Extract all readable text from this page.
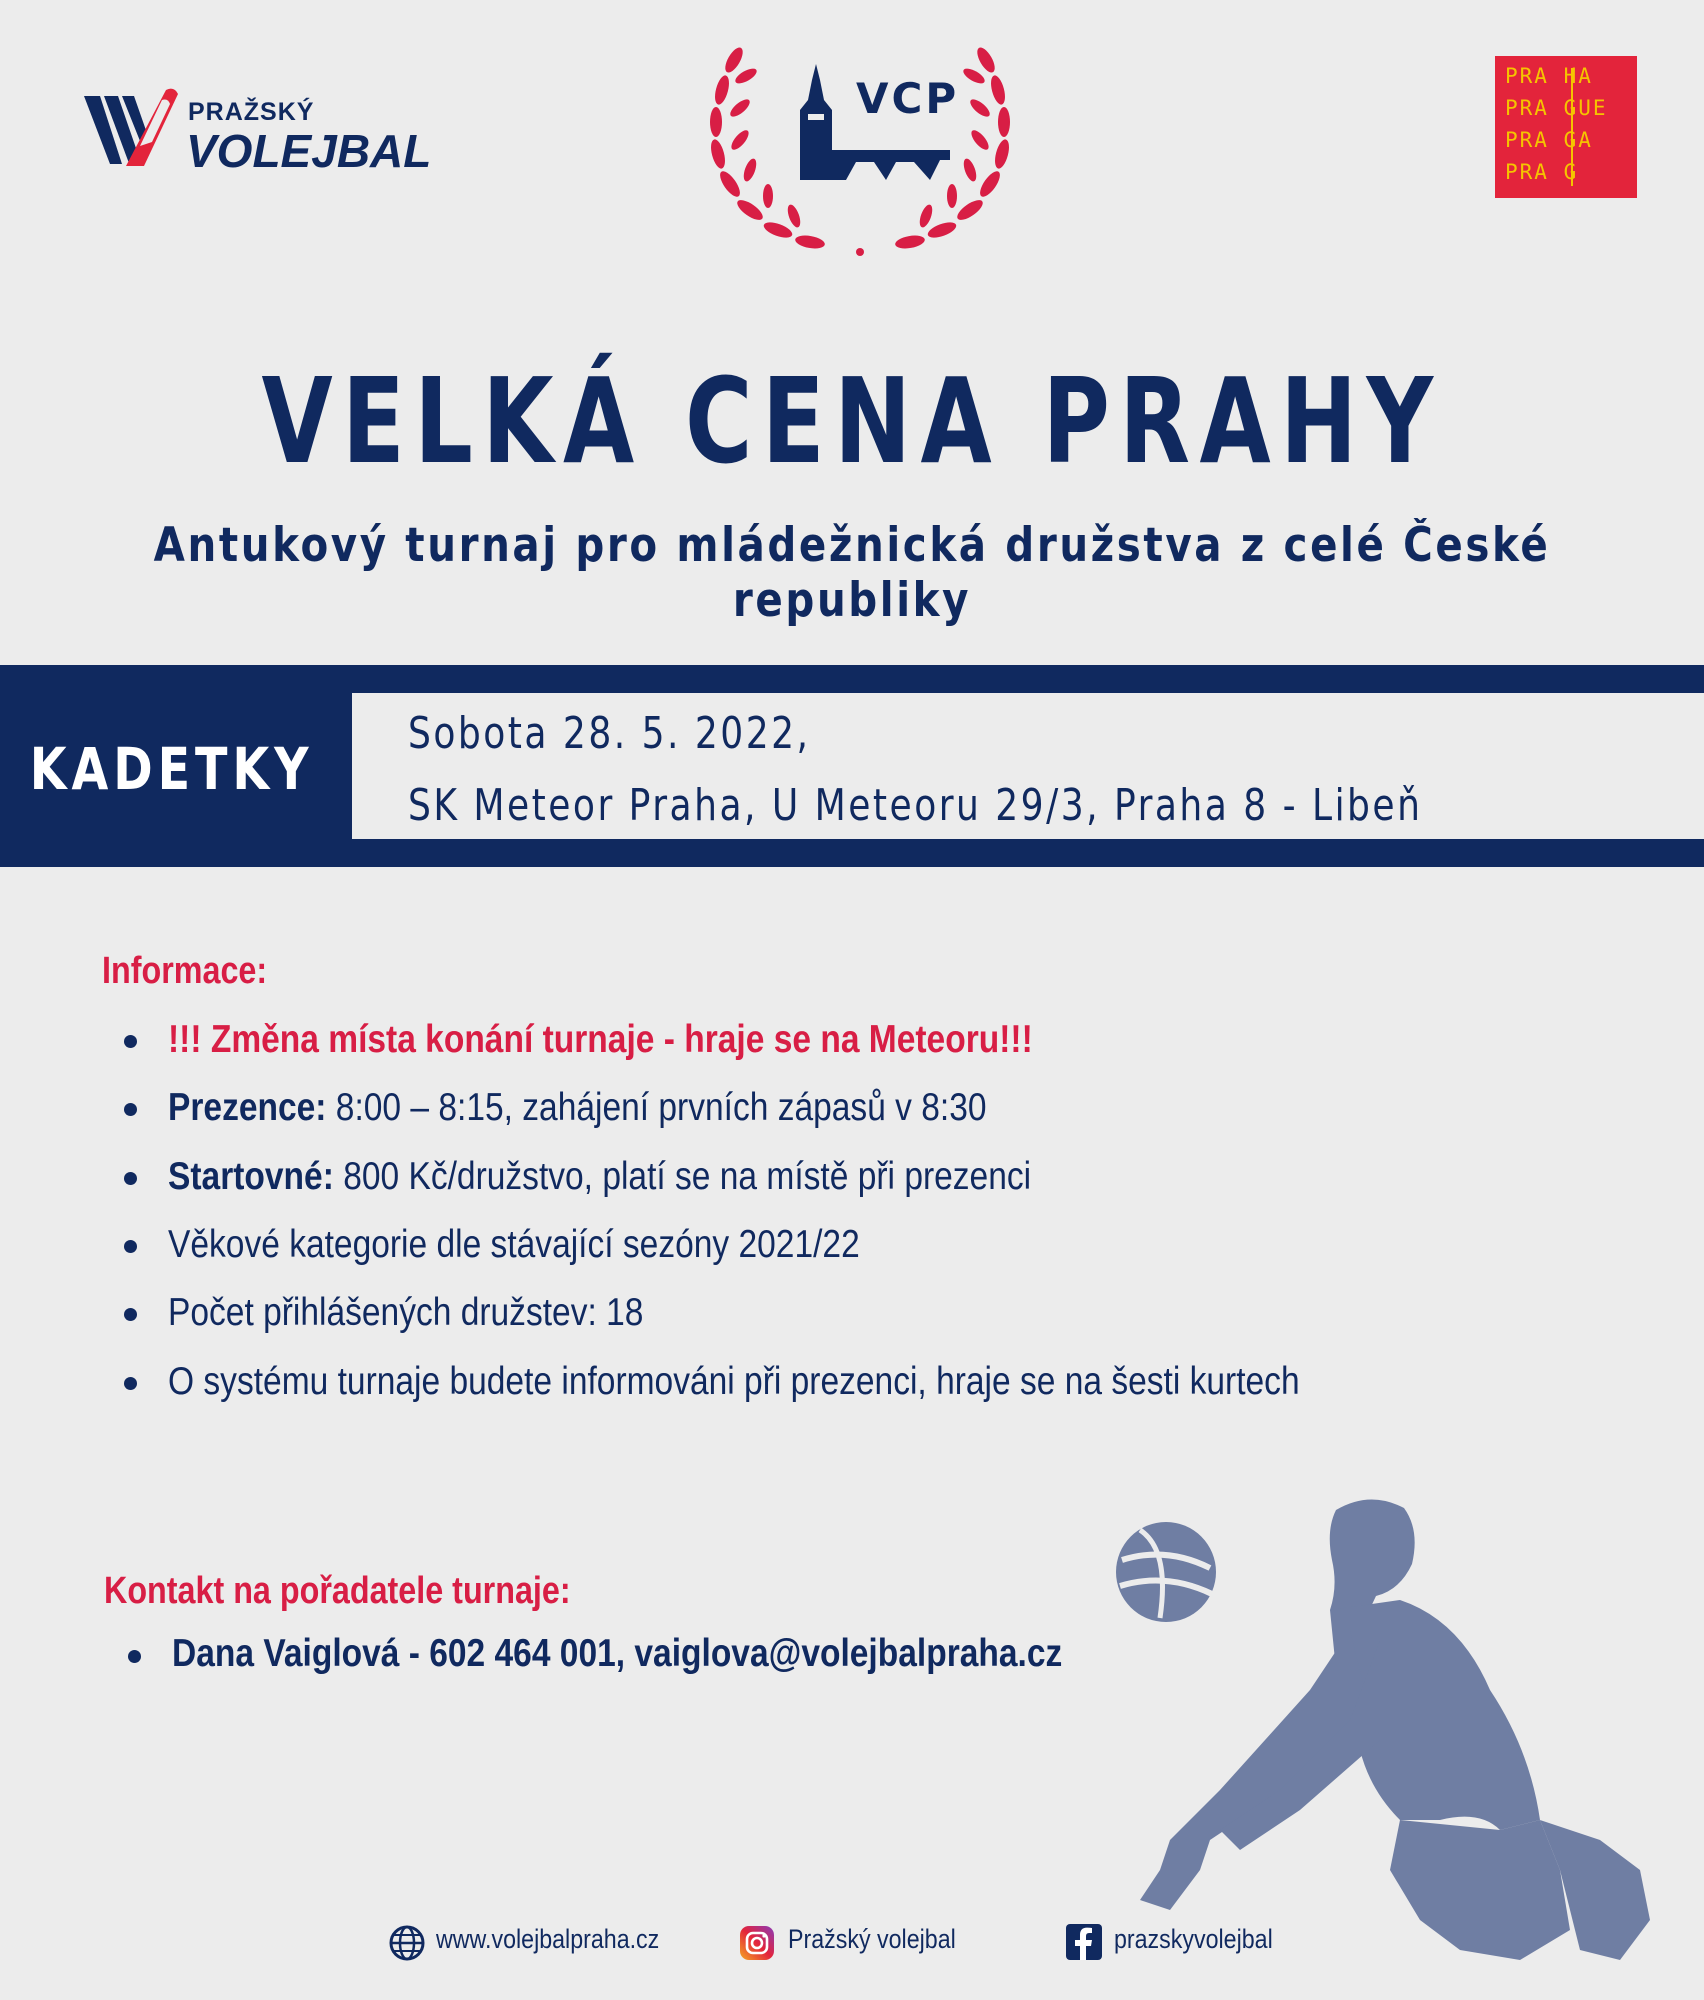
PRAŽSKÝ
VOLEJBAL
VCP	PRA HA
PRA GUE
PRA GA
PRA G
VELKÁ CENA PRAHY
Antukový turnaj pro mládežnická družstva z celé České republiky
KADETKY
Sobota 28. 5. 2022,
SK Meteor Praha, U Meteoru 29/3, Praha 8 - Libeň
Informace:
!!! Změna místa konání turnaje - hraje se na Meteoru!!!
Prezence: 8:00 – 8:15, zahájení prvních zápasů v 8:30
Startovné: 800 Kč/družstvo, platí se na místě při prezenci
Věkové kategorie dle stávající sezóny 2021/22
Počet přihlášených družstev: 18
O systému turnaje budete informováni při prezenci, hraje se na šesti kurtech
Kontakt na pořadatele turnaje:
Dana Vaiglová - 602 464 001, vaiglova@volejbalpraha.cz
www.volejbalpraha.cz	Pražský volejbal	prazskyvolejbal
